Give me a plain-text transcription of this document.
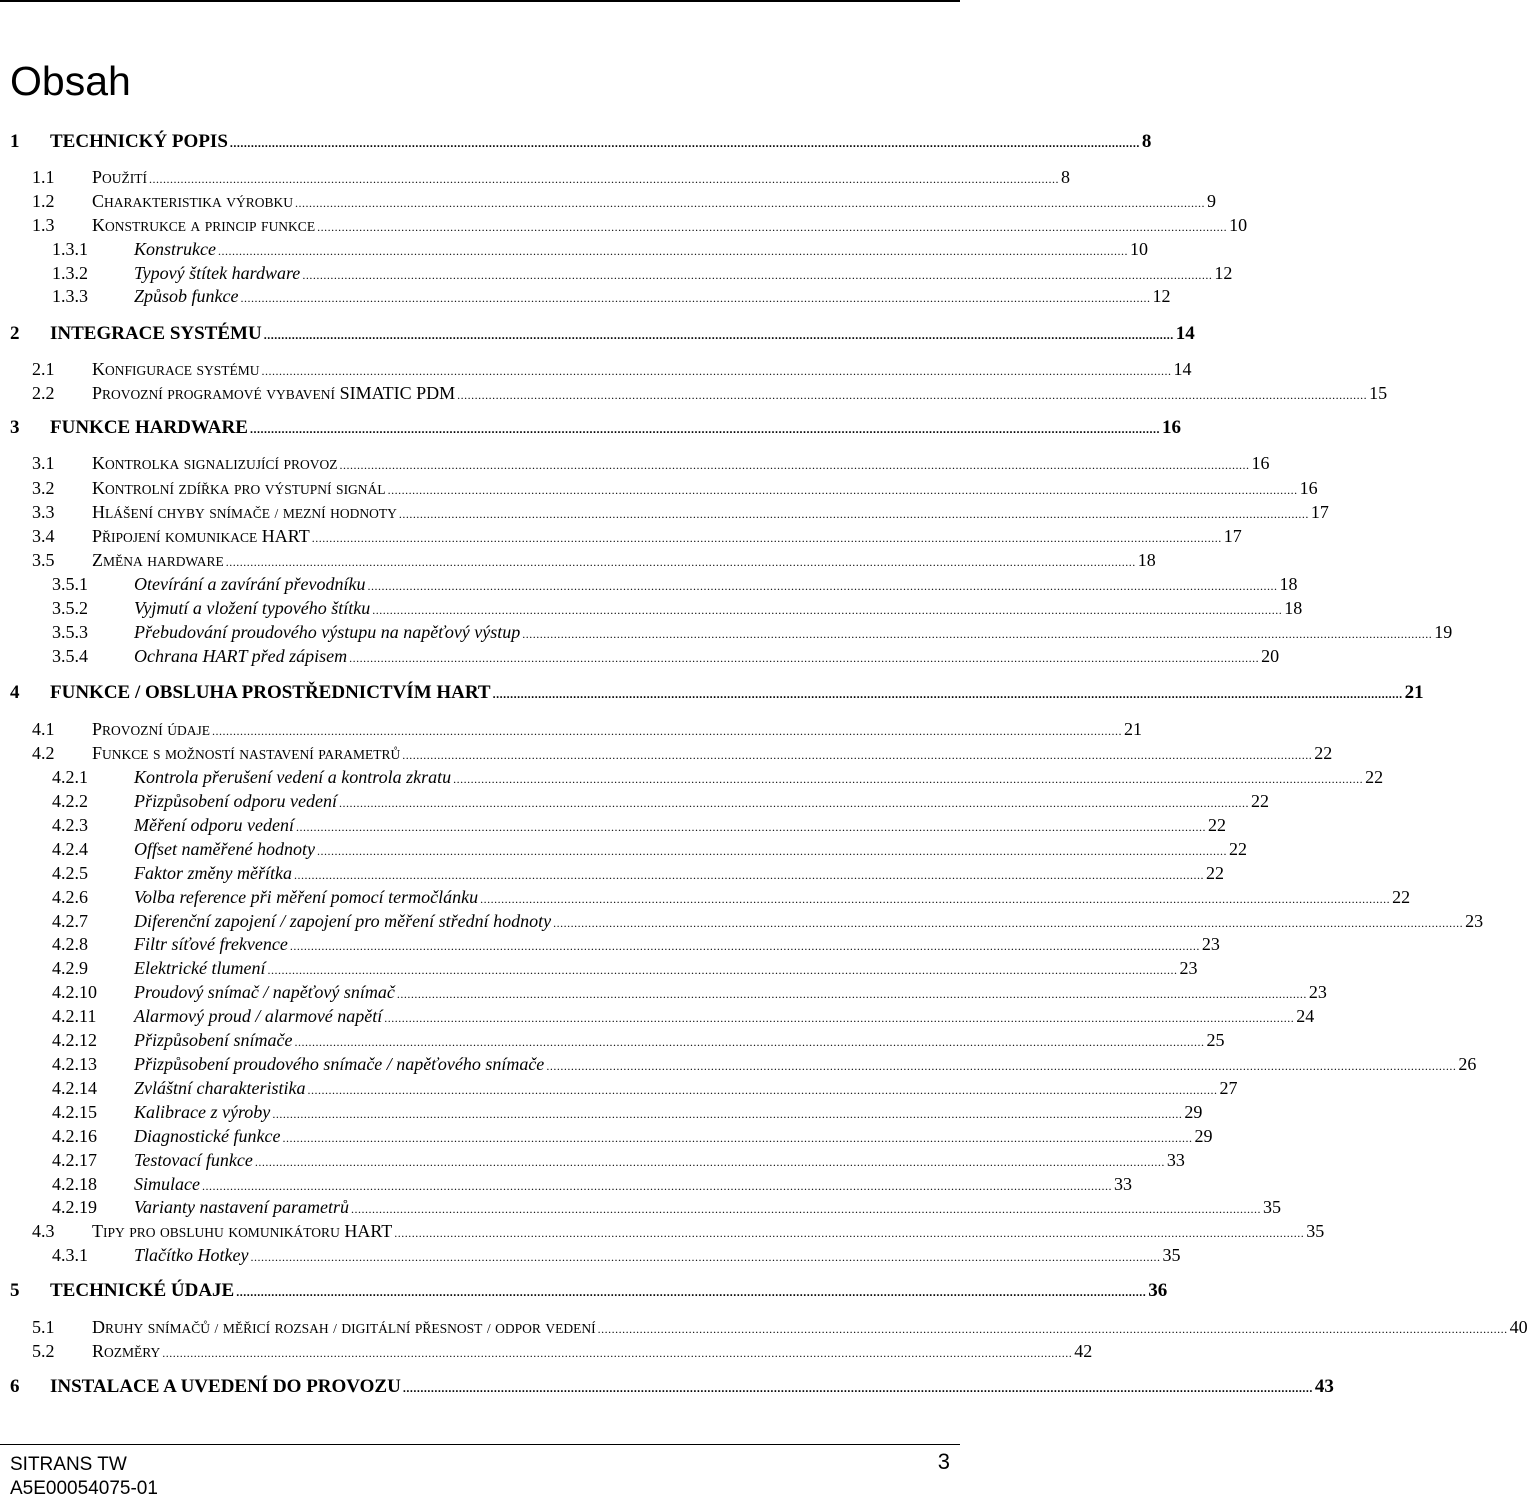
Obsah
1	TECHNICKÝ POPIS .................................................................................................................................................................................................................................................................... 8
1.1	POUŽITÍ .................................................................................................................................................................................................................................................................... 8
1.2	CHARAKTERISTIKA VÝROBKU .................................................................................................................................................................................................................................................................... 9
1.3	KONSTRUKCE A PRINCIP FUNKCE .................................................................................................................................................................................................................................................................... 10
1.3.1	Konstrukce .................................................................................................................................................................................................................................................................... 10
1.3.2	Typový štítek hardware .................................................................................................................................................................................................................................................................... 12
1.3.3	Způsob funkce .................................................................................................................................................................................................................................................................... 12
2	INTEGRACE SYSTÉMU .................................................................................................................................................................................................................................................................... 14
2.1	KONFIGURACE SYSTÉMU .................................................................................................................................................................................................................................................................... 14
2.2	PROVOZNÍ PROGRAMOVÉ VYBAVENÍ SIMATIC PDM .................................................................................................................................................................................................................................................................... 15
3	FUNKCE HARDWARE .................................................................................................................................................................................................................................................................... 16
3.1	KONTROLKA SIGNALIZUJÍCÍ PROVOZ .................................................................................................................................................................................................................................................................... 16
3.2	KONTROLNÍ ZDÍŘKA PRO VÝSTUPNÍ SIGNÁL .................................................................................................................................................................................................................................................................... 16
3.3	HLÁŠENÍ CHYBY SNÍMAČE / MEZNÍ HODNOTY .................................................................................................................................................................................................................................................................... 17
3.4	PŘIPOJENÍ KOMUNIKACE HART .................................................................................................................................................................................................................................................................... 17
3.5	ZMĚNA HARDWARE .................................................................................................................................................................................................................................................................... 18
3.5.1	Otevírání a zavírání převodníku .................................................................................................................................................................................................................................................................... 18
3.5.2	Vyjmutí a vložení typového štítku .................................................................................................................................................................................................................................................................... 18
3.5.3	Přebudování proudového výstupu na napěťový výstup .................................................................................................................................................................................................................................................................... 19
3.5.4	Ochrana HART před zápisem .................................................................................................................................................................................................................................................................... 20
4	FUNKCE / OBSLUHA PROSTŘEDNICTVÍM HART .................................................................................................................................................................................................................................................................... 21
4.1	PROVOZNÍ ÚDAJE .................................................................................................................................................................................................................................................................... 21
4.2	FUNKCE S MOŽNOSTÍ NASTAVENÍ PARAMETRŮ .................................................................................................................................................................................................................................................................... 22
4.2.1	Kontrola přerušení vedení a kontrola zkratu .................................................................................................................................................................................................................................................................... 22
4.2.2	Přizpůsobení odporu vedení .................................................................................................................................................................................................................................................................... 22
4.2.3	Měření odporu vedení .................................................................................................................................................................................................................................................................... 22
4.2.4	Offset naměřené hodnoty .................................................................................................................................................................................................................................................................... 22
4.2.5	Faktor změny měřítka .................................................................................................................................................................................................................................................................... 22
4.2.6	Volba reference při měření pomocí termočlánku .................................................................................................................................................................................................................................................................... 22
4.2.7	Diferenční zapojení / zapojení pro měření střední hodnoty .................................................................................................................................................................................................................................................................... 23
4.2.8	Filtr síťové frekvence .................................................................................................................................................................................................................................................................... 23
4.2.9	Elektrické tlumení .................................................................................................................................................................................................................................................................... 23
4.2.10	Proudový snímač / napěťový snímač .................................................................................................................................................................................................................................................................... 23
4.2.11	Alarmový proud / alarmové napětí .................................................................................................................................................................................................................................................................... 24
4.2.12	Přizpůsobení snímače .................................................................................................................................................................................................................................................................... 25
4.2.13	Přizpůsobení proudového snímače / napěťového snímače .................................................................................................................................................................................................................................................................... 26
4.2.14	Zvláštní charakteristika .................................................................................................................................................................................................................................................................... 27
4.2.15	Kalibrace z výroby .................................................................................................................................................................................................................................................................... 29
4.2.16	Diagnostické funkce .................................................................................................................................................................................................................................................................... 29
4.2.17	Testovací funkce .................................................................................................................................................................................................................................................................... 33
4.2.18	Simulace .................................................................................................................................................................................................................................................................... 33
4.2.19	Varianty nastavení parametrů .................................................................................................................................................................................................................................................................... 35
4.3	TIPY PRO OBSLUHU KOMUNIKÁTORU HART .................................................................................................................................................................................................................................................................... 35
4.3.1	Tlačítko Hotkey .................................................................................................................................................................................................................................................................... 35
5	TECHNICKÉ ÚDAJE .................................................................................................................................................................................................................................................................... 36
5.1	DRUHY SNÍMAČŮ / MĚŘICÍ ROZSAH / DIGITÁLNÍ PŘESNOST / ODPOR VEDENÍ .................................................................................................................................................................................................................................................................... 40
5.2	ROZMĚRY .................................................................................................................................................................................................................................................................... 42
6	INSTALACE A UVEDENÍ DO PROVOZU .................................................................................................................................................................................................................................................................... 43
SITRANS TW
A5E00054075-01
3
